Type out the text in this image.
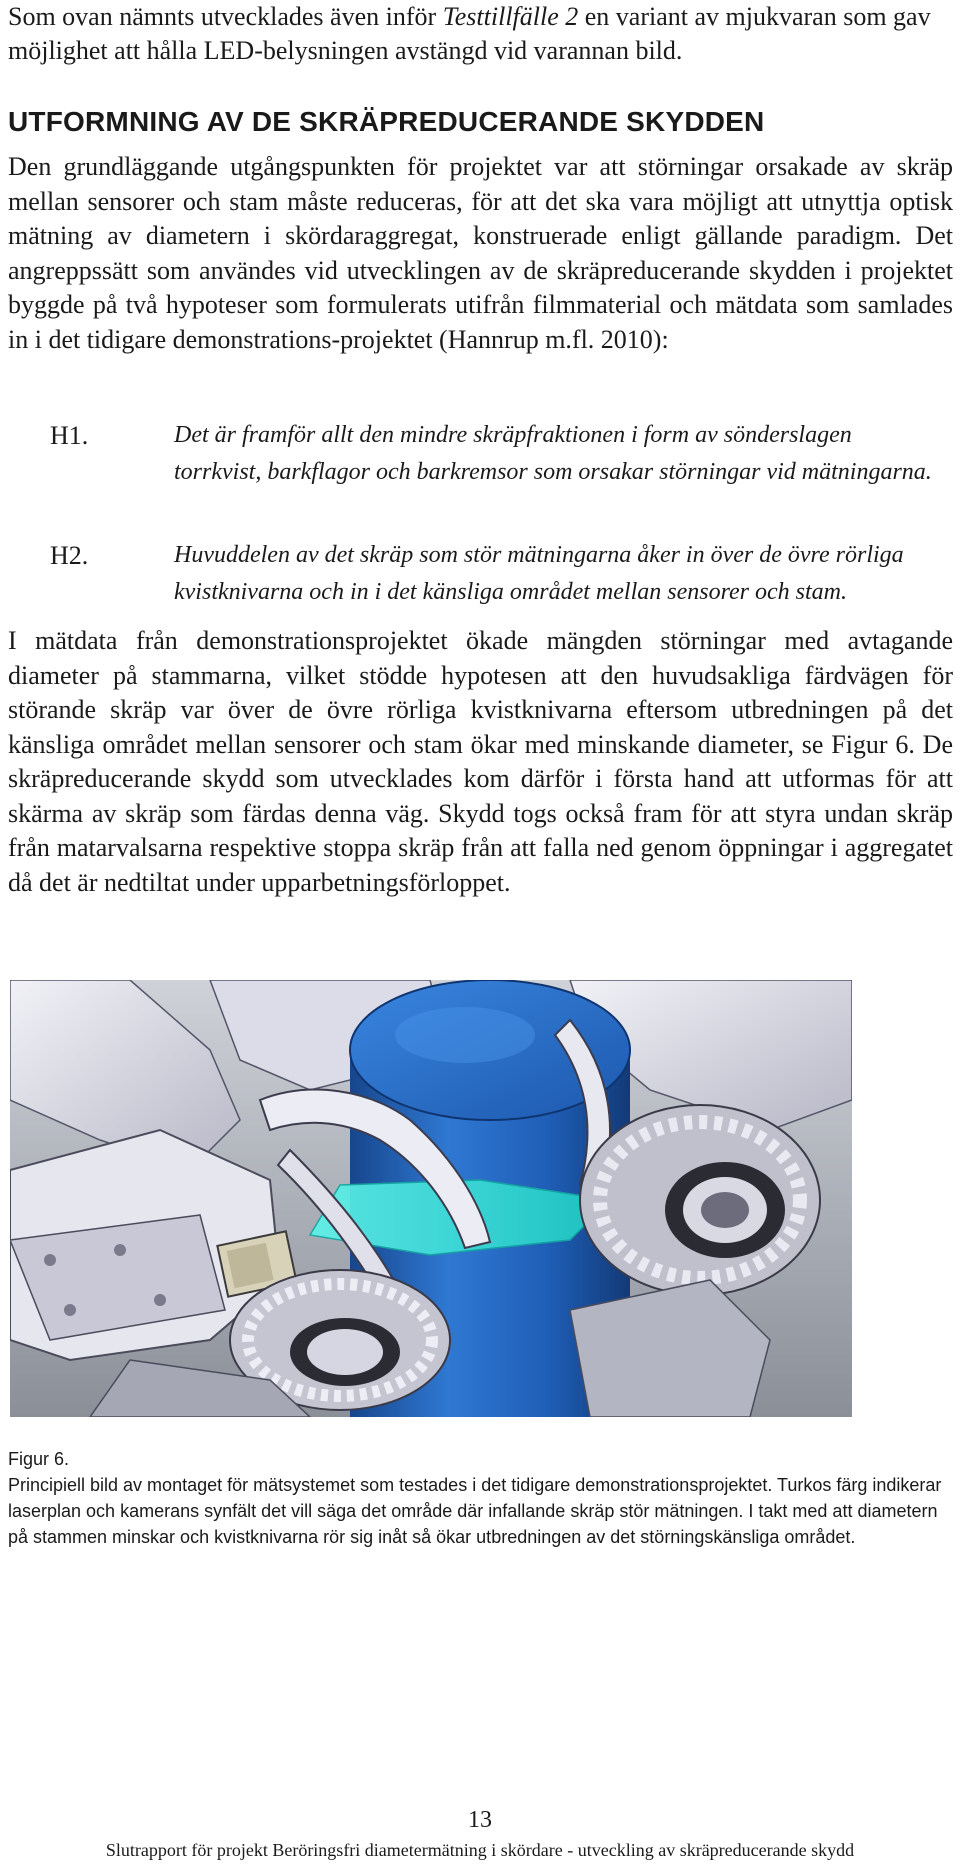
Som ovan nämnts utvecklades även inför Testtillfälle 2 en variant av mjukvaran som gav möjlighet att hålla LED-belysningen avstängd vid varannan bild.

UTFORMNING AV DE SKRÄPREDUCERANDE SKYDDEN

Den grundläggande utgångspunkten för projektet var att störningar orsakade av skräp mellan sensorer och stam måste reduceras, för att det ska vara möjligt att utnyttja optisk mätning av diametern i skördaraggregat, konstruerade enligt gällande paradigm. Det angreppssätt som användes vid utvecklingen av de skräpreducerande skydden i projektet byggde på två hypoteser som formulerats utifrån filmmaterial och mätdata som samlades in i det tidigare demonstrations-projektet (Hannrup m.fl. 2010):

H1.	Det är framför allt den mindre skräpfraktionen i form av sönderslagen torrkvist, barkflagor och barkremsor som orsakar störningar vid mätningarna.
H2.	Huvuddelen av det skräp som stör mätningarna åker in över de övre rörliga kvistknivarna och in i det känsliga området mellan sensorer och stam.

I mätdata från demonstrationsprojektet ökade mängden störningar med avtagande diameter på stammarna, vilket stödde hypotesen att den huvudsakliga färdvägen för störande skräp var över de övre rörliga kvistknivarna eftersom utbredningen på det känsliga området mellan sensorer och stam ökar med minskande diameter, se Figur 6. De skräpreducerande skydd som utvecklades kom därför i första hand att utformas för att skärma av skräp som färdas denna väg. Skydd togs också fram för att styra undan skräp från matarvalsarna respektive stoppa skräp från att falla ned genom öppningar i aggregatet då det är nedtiltat under upparbetningsförloppet.

Figur 6.
Principiell bild av montaget för mätsystemet som testades i det tidigare demonstrationsprojektet. Turkos färg indikerar laserplan och kamerans synfält det vill säga det område där infallande skräp stör mätningen. I takt med att diametern på stammen minskar och kvistknivarna rör sig inåt så ökar utbredningen av det störningskänsliga området.

13
Slutrapport för projekt Beröringsfri diametermätning i skördare - utveckling av skräpreducerande skydd
